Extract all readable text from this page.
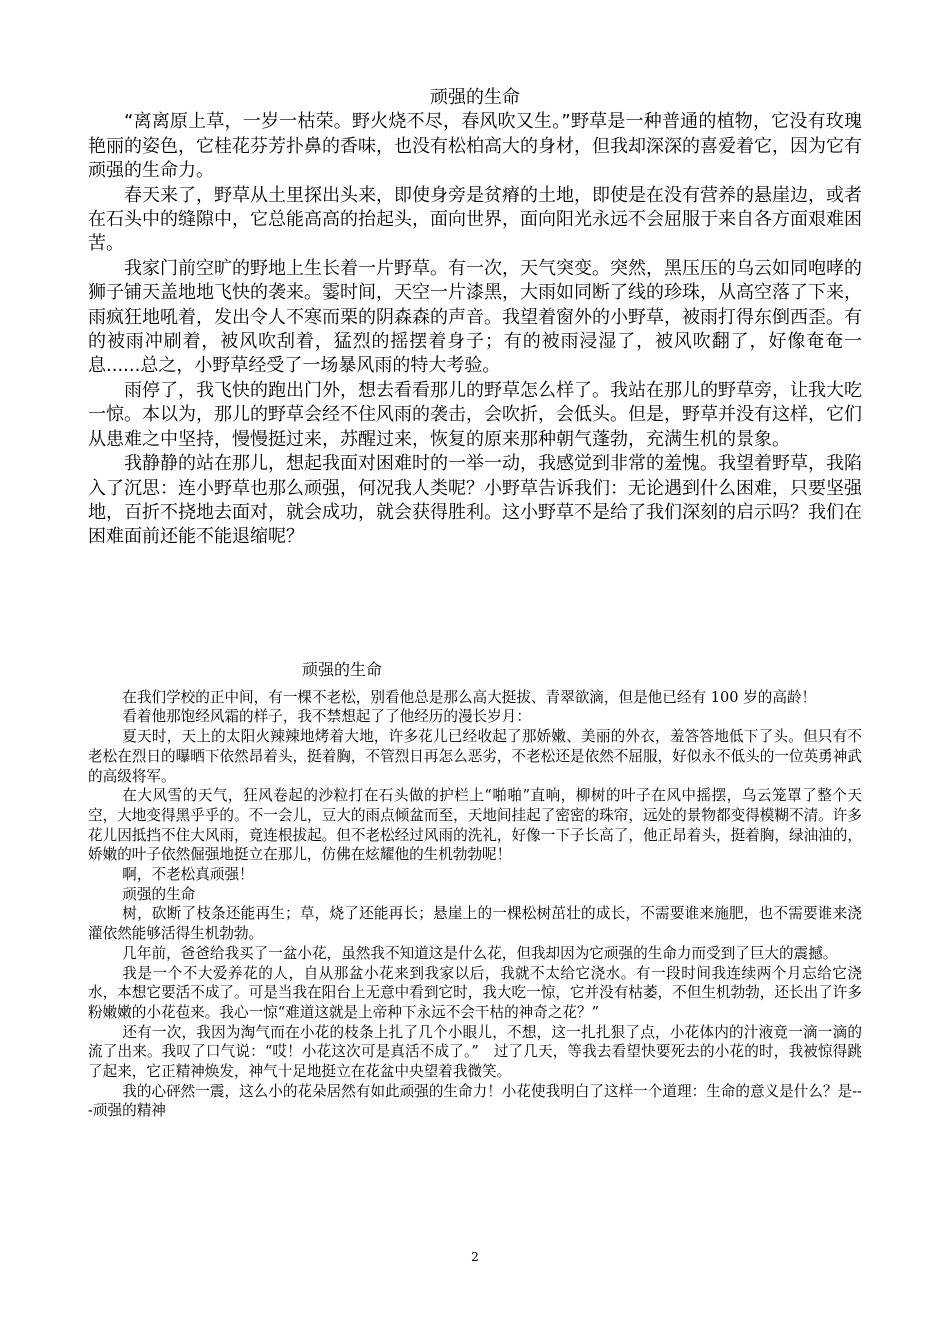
顽强的生命

“离离原上草，一岁一枯荣。野火烧不尽，春风吹又生。”野草是一种普通的植物，它没有玫瑰艳丽的姿色，它桂花芬芳扑鼻的香味，也没有松柏高大的身材，但我却深深的喜爱着它，因为它有顽强的生命力。

春天来了，野草从土里探出头来，即使身旁是贫瘠的土地，即使是在没有营养的悬崖边，或者在石头中的缝隙中，它总能高高的抬起头，面向世界，面向阳光永远不会屈服于来自各方面艰难困苦。

我家门前空旷的野地上生长着一片野草。有一次，天气突变。突然，黑压压的乌云如同咆哮的狮子铺天盖地地飞快的袭来。霎时间，天空一片漆黑，大雨如同断了线的珍珠，从高空落了下来，雨疯狂地吼着，发出令人不寒而栗的阴森森的声音。我望着窗外的小野草，被雨打得东倒西歪。有的被雨冲刷着，被风吹刮着，猛烈的摇摆着身子；有的被雨浸湿了，被风吹翻了，好像奄奄一息......总之，小野草经受了一场暴风雨的特大考验。

雨停了，我飞快的跑出门外，想去看看那儿的野草怎么样了。我站在那儿的野草旁，让我大吃一惊。本以为，那儿的野草会经不住风雨的袭击，会吹折，会低头。但是，野草并没有这样，它们从患难之中坚持，慢慢挺过来，苏醒过来，恢复的原来那种朝气蓬勃，充满生机的景象。

我静静的站在那儿，想起我面对困难时的一举一动，我感觉到非常的羞愧。我望着野草，我陷入了沉思：连小野草也那么顽强，何况我人类呢？小野草告诉我们：无论遇到什么困难，只要坚强地，百折不挠地去面对，就会成功，就会获得胜利。这小野草不是给了我们深刻的启示吗？我们在困难面前还能不能退缩呢？

顽强的生命

在我们学校的正中间，有一棵不老松，别看他总是那么高大挺拔、青翠欲滴，但是他已经有 100 岁的高龄！

看着他那饱经风霜的样子，我不禁想起了了他经历的漫长岁月：

夏天时，天上的太阳火辣辣地烤着大地，许多花儿已经收起了那娇嫩、美丽的外衣，羞答答地低下了头。但只有不老松在烈日的曝晒下依然昂着头，挺着胸，不管烈日再怎么恶劣，不老松还是依然不屈服，好似永不低头的一位英勇神武的高级将军。

在大风雪的天气，狂风卷起的沙粒打在石头做的护栏上“啪啪”直响，柳树的叶子在风中摇摆，乌云笼罩了整个天空，大地变得黑乎乎的。不一会儿，豆大的雨点倾盆而至，天地间挂起了密密的珠帘，远处的景物都变得模糊不清。许多花儿因抵挡不住大风雨，竟连根拔起。但不老松经过风雨的洗礼，好像一下子长高了，他正昂着头，挺着胸，绿油油的，娇嫩的叶子依然倔强地挺立在那儿，仿佛在炫耀他的生机勃勃呢！

啊，不老松真顽强！

顽强的生命

树，砍断了枝条还能再生；草，烧了还能再长；悬崖上的一棵松树茁壮的成长，不需要谁来施肥，也不需要谁来浇灌依然能够活得生机勃勃。

几年前，爸爸给我买了一盆小花，虽然我不知道这是什么花，但我却因为它顽强的生命力而受到了巨大的震撼。

我是一个不大爱养花的人，自从那盆小花来到我家以后，我就不太给它浇水。有一段时间我连续两个月忘给它浇水，本想它要活不成了。可是当我在阳台上无意中看到它时，我大吃一惊，它并没有枯萎，不但生机勃勃，还长出了许多粉嫩嫩的小花苞来。我心一惊“难道这就是上帝种下永远不会干枯的神奇之花？”

还有一次，我因为淘气而在小花的枝条上扎了几个小眼儿，不想，这一扎扎狠了点，小花体内的汁液竟一滴一滴的流了出来。我叹了口气说：“哎！小花这次可是真活不成了。”　过了几天，等我去看望快要死去的小花的时，我被惊得跳了起来，它正精神焕发，神气十足地挺立在花盆中央望着我微笑。

我的心砰然一震，这么小的花朵居然有如此顽强的生命力！小花使我明白了这样一个道理：生命的意义是什么？是---顽强的精神

2
